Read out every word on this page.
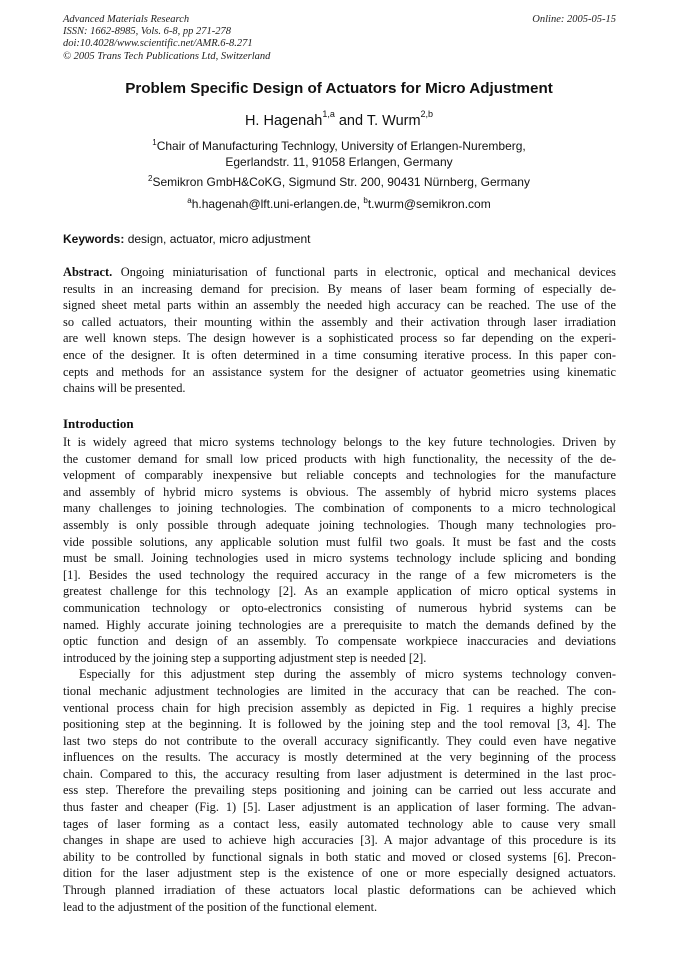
Advanced Materials Research
ISSN: 1662-8985, Vols. 6-8, pp 271-278
doi:10.4028/www.scientific.net/AMR.6-8.271
© 2005 Trans Tech Publications Ltd, Switzerland
Online: 2005-05-15
Problem Specific Design of Actuators for Micro Adjustment
H. Hagenah$^{1,a}$ and T. Wurm$^{2,b}$
$^1$Chair of Manufacturing Technlogy, University of Erlangen-Nuremberg,
Egerlandstr. 11, 91058 Erlangen, Germany
$^2$Semikron GmbH&CoKG, Sigmund Str. 200, 90431 Nürnberg, Germany
$^a$h.hagenah@lft.uni-erlangen.de, $^b$t.wurm@semikron.com
Keywords: design, actuator, micro adjustment
Abstract. Ongoing miniaturisation of functional parts in electronic, optical and mechanical devices
results in an increasing demand for precision. By means of laser beam forming of especially de-
signed sheet metal parts within an assembly the needed high accuracy can be reached. The use of the
so called actuators, their mounting within the assembly and their activation through laser irradiation
are well known steps. The design however is a sophisticated process so far depending on the experi-
ence of the designer. It is often determined in a time consuming iterative process. In this paper con-
cepts and methods for an assistance system for the designer of actuator geometries using kinematic
chains will be presented.
Introduction
It is widely agreed that micro systems technology belongs to the key future technologies. Driven by
the customer demand for small low priced products with high functionality, the necessity of the de-
velopment of comparably inexpensive but reliable concepts and technologies for the manufacture
and assembly of hybrid micro systems is obvious. The assembly of hybrid micro systems places
many challenges to joining technologies. The combination of components to a micro technological
assembly is only possible through adequate joining technologies. Though many technologies pro-
vide possible solutions, any applicable solution must fulfil two goals. It must be fast and the costs
must be small. Joining technologies used in micro systems technology include splicing and bonding
[1]. Besides the used technology the required accuracy in the range of a few micrometers is the
greatest challenge for this technology [2]. As an example application of micro optical systems in
communication technology or opto-electronics consisting of numerous hybrid systems can be
named. Highly accurate joining technologies are a prerequisite to match the demands defined by the
optic function and design of an assembly. To compensate workpiece inaccuracies and deviations
introduced by the joining step a supporting adjustment step is needed [2].
Especially for this adjustment step during the assembly of micro systems technology conven-
tional mechanic adjustment technologies are limited in the accuracy that can be reached. The con-
ventional process chain for high precision assembly as depicted in Fig. 1 requires a highly precise
positioning step at the beginning. It is followed by the joining step and the tool removal [3, 4]. The
last two steps do not contribute to the overall accuracy significantly. They could even have negative
influences on the results. The accuracy is mostly determined at the very beginning of the process
chain. Compared to this, the accuracy resulting from laser adjustment is determined in the last proc-
ess step. Therefore the prevailing steps positioning and joining can be carried out less accurate and
thus faster and cheaper (Fig. 1) [5]. Laser adjustment is an application of laser forming. The advan-
tages of laser forming as a contact less, easily automated technology able to cause very small
changes in shape are used to achieve high accuracies [3]. A major advantage of this procedure is its
ability to be controlled by functional signals in both static and moved or closed systems [6]. Precon-
dition for the laser adjustment step is the existence of one or more especially designed actuators.
Through planned irradiation of these actuators local plastic deformations can be achieved which
lead to the adjustment of the position of the functional element.
